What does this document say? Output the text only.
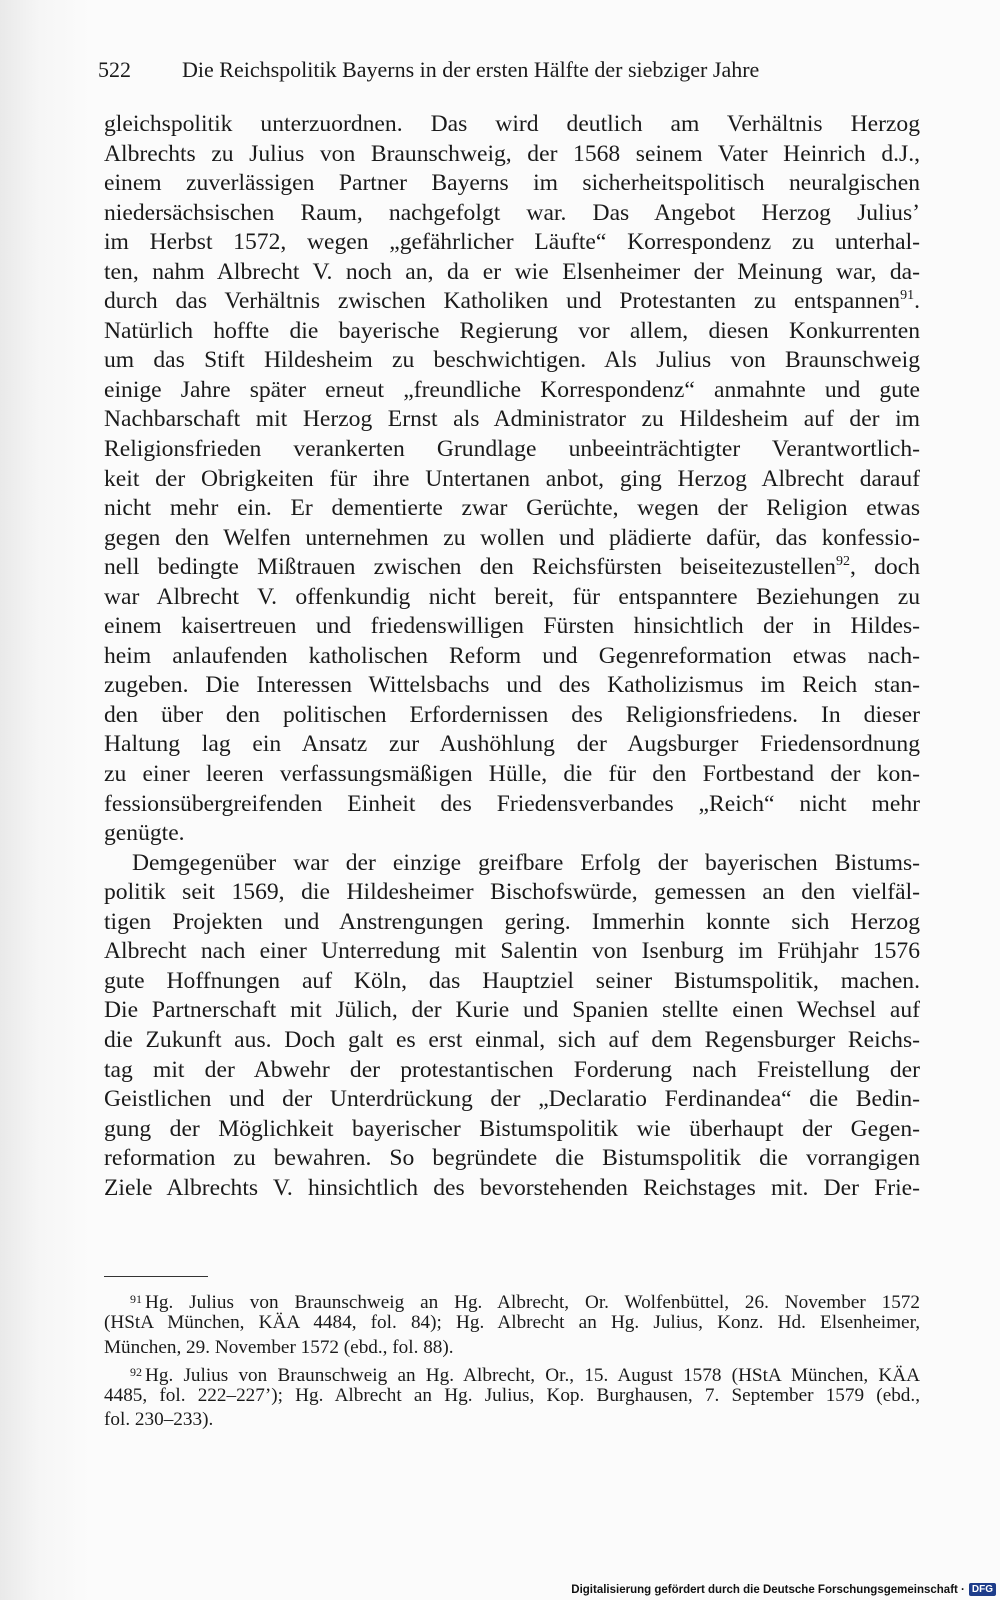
522 Die Reichspolitik Bayerns in der ersten Hälfte der siebziger Jahre
gleichspolitik unterzuordnen. Das wird deutlich am Verhältnis Herzog
Albrechts zu Julius von Braunschweig, der 1568 seinem Vater Heinrich d.J.,
einem zuverlässigen Partner Bayerns im sicherheitspolitisch neuralgischen
niedersächsischen Raum, nachgefolgt war. Das Angebot Herzog Julius’
im Herbst 1572, wegen „gefährlicher Läufte“ Korrespondenz zu unterhal-
ten, nahm Albrecht V. noch an, da er wie Elsenheimer der Meinung war, da-
durch das Verhältnis zwischen Katholiken und Protestanten zu entspannen$^{91}$.
Natürlich hoffte die bayerische Regierung vor allem, diesen Konkurrenten
um das Stift Hildesheim zu beschwichtigen. Als Julius von Braunschweig
einige Jahre später erneut „freundliche Korrespondenz“ anmahnte und gute
Nachbarschaft mit Herzog Ernst als Administrator zu Hildesheim auf der im
Religionsfrieden verankerten Grundlage unbeeinträchtigter Verantwortlich-
keit der Obrigkeiten für ihre Untertanen anbot, ging Herzog Albrecht darauf
nicht mehr ein. Er dementierte zwar Gerüchte, wegen der Religion etwas
gegen den Welfen unternehmen zu wollen und plädierte dafür, das konfessio-
nell bedingte Mißtrauen zwischen den Reichsfürsten beiseitezustellen$^{92}$, doch
war Albrecht V. offenkundig nicht bereit, für entspanntere Beziehungen zu
einem kaisertreuen und friedenswilligen Fürsten hinsichtlich der in Hildes-
heim anlaufenden katholischen Reform und Gegenreformation etwas nach-
zugeben. Die Interessen Wittelsbachs und des Katholizismus im Reich stan-
den über den politischen Erfordernissen des Religionsfriedens. In dieser
Haltung lag ein Ansatz zur Aushöhlung der Augsburger Friedensordnung
zu einer leeren verfassungsmäßigen Hülle, die für den Fortbestand der kon-
fessionsübergreifenden Einheit des Friedensverbandes „Reich“ nicht mehr
genügte.
Demgegenüber war der einzige greifbare Erfolg der bayerischen Bistums-
politik seit 1569, die Hildesheimer Bischofswürde, gemessen an den vielfäl-
tigen Projekten und Anstrengungen gering. Immerhin konnte sich Herzog
Albrecht nach einer Unterredung mit Salentin von Isenburg im Frühjahr 1576
gute Hoffnungen auf Köln, das Hauptziel seiner Bistumspolitik, machen.
Die Partnerschaft mit Jülich, der Kurie und Spanien stellte einen Wechsel auf
die Zukunft aus. Doch galt es erst einmal, sich auf dem Regensburger Reichs-
tag mit der Abwehr der protestantischen Forderung nach Freistellung der
Geistlichen und der Unterdrückung der „Declaratio Ferdinandea“ die Bedin-
gung der Möglichkeit bayerischer Bistumspolitik wie überhaupt der Gegen-
reformation zu bewahren. So begründete die Bistumspolitik die vorrangigen
Ziele Albrechts V. hinsichtlich des bevorstehenden Reichstages mit. Der Frie-
$^{91}$ Hg. Julius von Braunschweig an Hg. Albrecht, Or. Wolfenbüttel, 26. November 1572
(HStA München, KÄA 4484, fol. 84); Hg. Albrecht an Hg. Julius, Konz. Hd. Elsenheimer,
München, 29. November 1572 (ebd., fol. 88).
$^{92}$ Hg. Julius von Braunschweig an Hg. Albrecht, Or., 15. August 1578 (HStA München, KÄA
4485, fol. 222–227’); Hg. Albrecht an Hg. Julius, Kop. Burghausen, 7. September 1579 (ebd.,
fol. 230–233).
Digitalisierung gefördert durch die Deutsche Forschungsgemeinschaft · DFG
